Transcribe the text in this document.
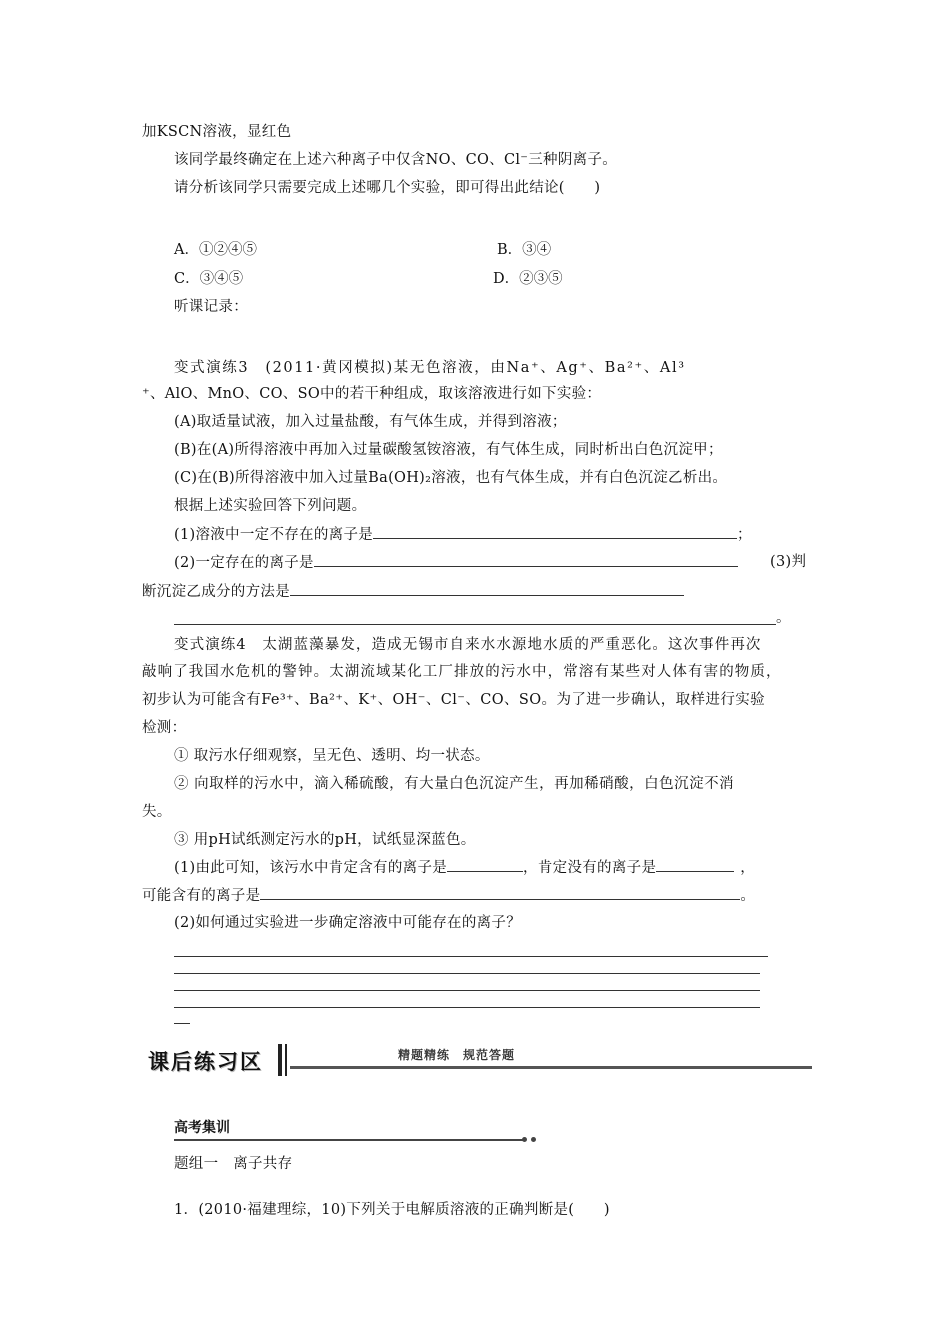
加KSCN溶液，显红色
该同学最终确定在上述六种离子中仅含NO、CO、Cl⁻三种阴离子。
请分析该同学只需要完成上述哪几个实验，即可得出此结论(　　)
A．①②④⑤	B．③④
C．③④⑤	D．②③⑤
听课记录：
变式演练3　(2011·黄冈模拟)某无色溶液，由Na⁺、Ag⁺、Ba²⁺、Al³
⁺、AlO、MnO、CO、SO中的若干种组成，取该溶液进行如下实验：
(A)取适量试液，加入过量盐酸，有气体生成，并得到溶液；
(B)在(A)所得溶液中再加入过量碳酸氢铵溶液，有气体生成，同时析出白色沉淀甲；
(C)在(B)所得溶液中加入过量Ba(OH)₂溶液，也有气体生成，并有白色沉淀乙析出。
根据上述实验回答下列问题。
(1)溶液中一定不存在的离子是	；
(2)一定存在的离子是	(3)判
断沉淀乙成分的方法是
。
变式演练4　太湖蓝藻暴发，造成无锡市自来水水源地水质的严重恶化。这次事件再次
敲响了我国水危机的警钟。太湖流域某化工厂排放的污水中，常溶有某些对人体有害的物质，
初步认为可能含有Fe³⁺、Ba²⁺、K⁺、OH⁻、Cl⁻、CO、SO。为了进一步确认，取样进行实验
检测：
① 取污水仔细观察，呈无色、透明、均一状态。
② 向取样的污水中，滴入稀硫酸，有大量白色沉淀产生，再加稀硝酸，白色沉淀不消
失。
③ 用pH试纸测定污水的pH，试纸显深蓝色。
(1)由此可知，该污水中肯定含有的离子是	，肯定没有的离子是	，
可能含有的离子是	。
(2)如何通过实验进一步确定溶液中可能存在的离子？
课后练习区	精题精练　规范答题
高考集训
题组一　离子共存
1．(2010·福建理综，10)下列关于电解质溶液的正确判断是(　　)
